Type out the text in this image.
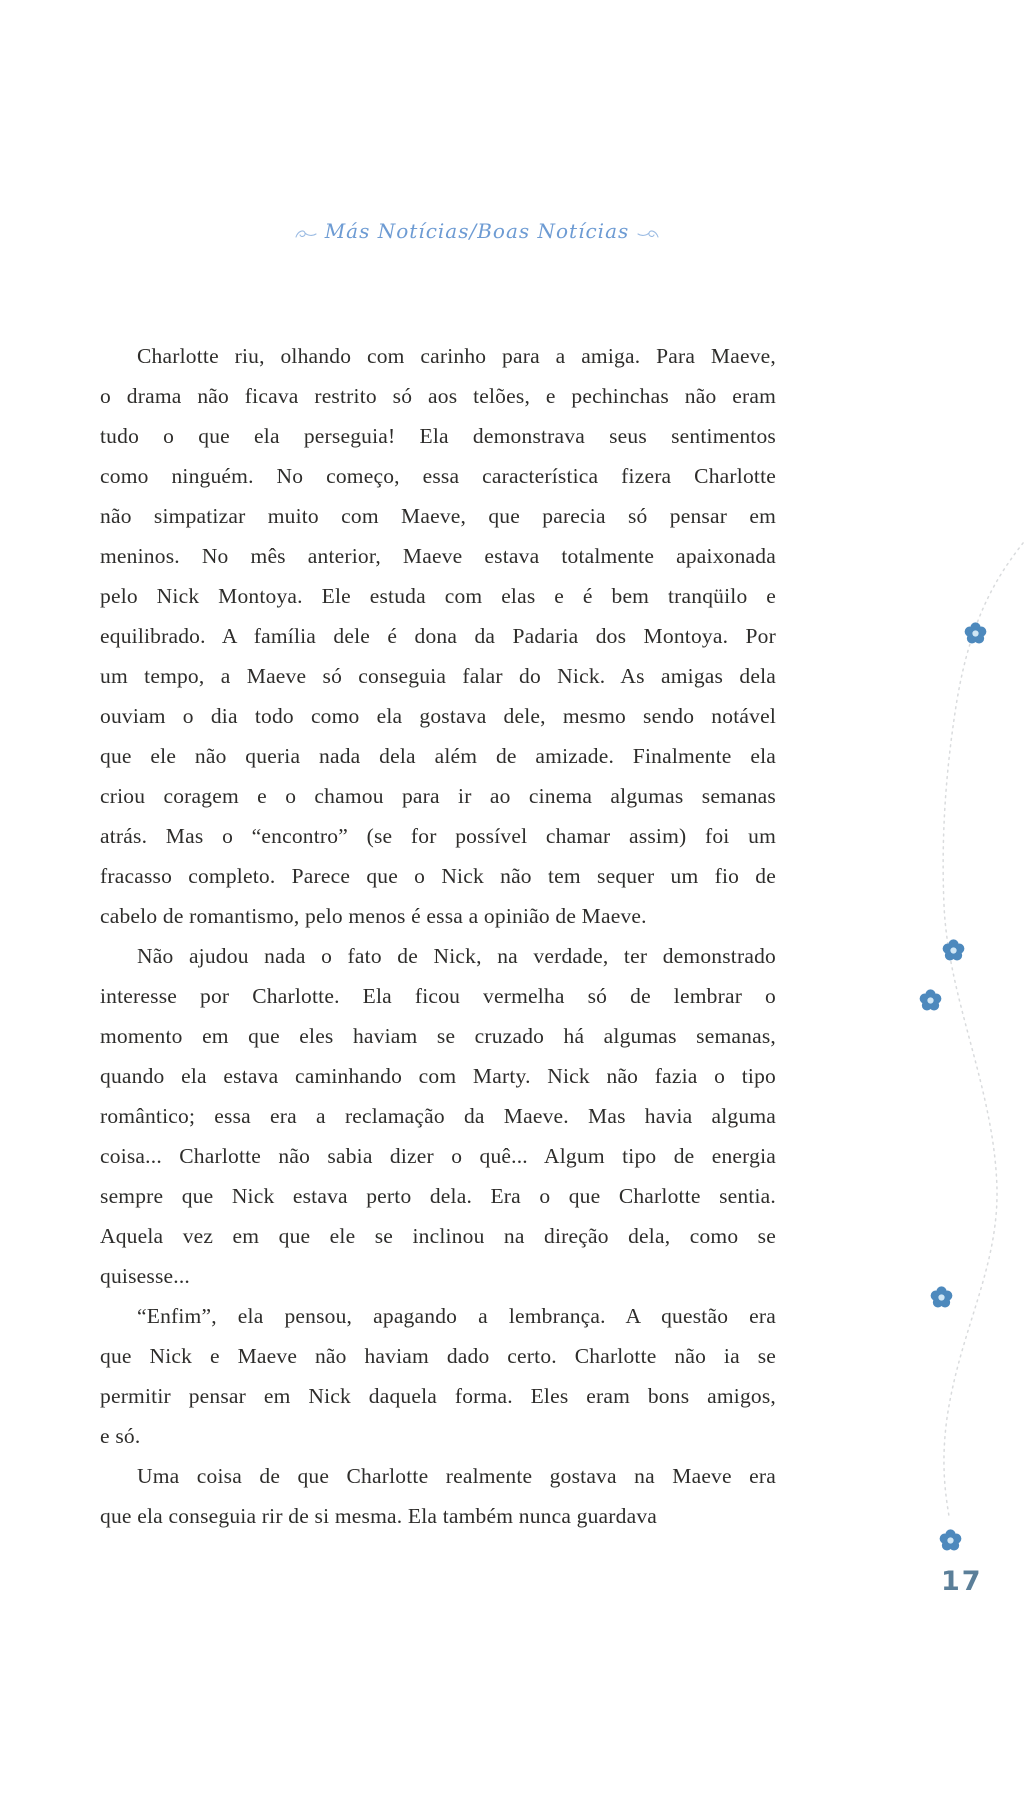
Más Notícias/Boas Notícias
Charlotte riu, olhando com carinho para a amiga. Para Maeve,
o drama não ficava restrito só aos telões, e pechinchas não eram
tudo o que ela perseguia! Ela demonstrava seus sentimentos
como ninguém. No começo, essa característica fizera Charlotte
não simpatizar muito com Maeve, que parecia só pensar em
meninos. No mês anterior, Maeve estava totalmente apaixonada
pelo Nick Montoya. Ele estuda com elas e é bem tranqüilo e
equilibrado. A família dele é dona da Padaria dos Montoya. Por
um tempo, a Maeve só conseguia falar do Nick. As amigas dela
ouviam o dia todo como ela gostava dele, mesmo sendo notável
que ele não queria nada dela além de amizade. Finalmente ela
criou coragem e o chamou para ir ao cinema algumas semanas
atrás. Mas o “encontro” (se for possível chamar assim) foi um
fracasso completo. Parece que o Nick não tem sequer um fio de
cabelo de romantismo, pelo menos é essa a opinião de Maeve.
Não ajudou nada o fato de Nick, na verdade, ter demonstrado
interesse por Charlotte. Ela ficou vermelha só de lembrar o
momento em que eles haviam se cruzado há algumas semanas,
quando ela estava caminhando com Marty. Nick não fazia o tipo
romântico; essa era a reclamação da Maeve. Mas havia alguma
coisa... Charlotte não sabia dizer o quê... Algum tipo de energia
sempre que Nick estava perto dela. Era o que Charlotte sentia.
Aquela vez em que ele se inclinou na direção dela, como se
quisesse...
“Enfim”, ela pensou, apagando a lembrança. A questão era
que Nick e Maeve não haviam dado certo. Charlotte não ia se
permitir pensar em Nick daquela forma. Eles eram bons amigos,
e só.
Uma coisa de que Charlotte realmente gostava na Maeve era
que ela conseguia rir de si mesma. Ela também nunca guardava
17
